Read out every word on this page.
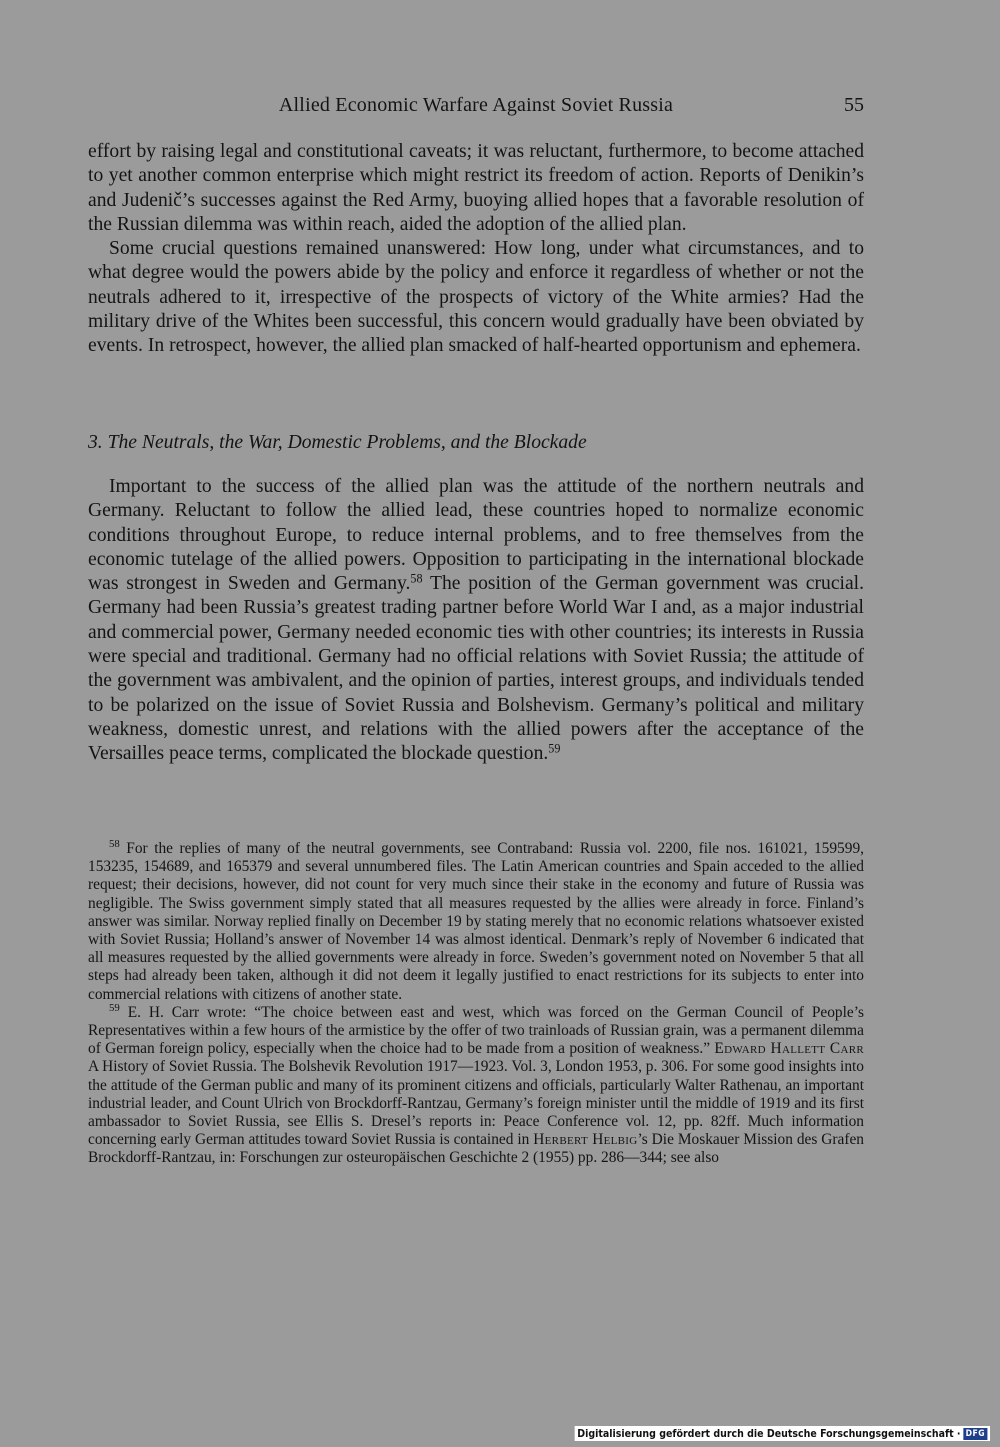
Allied Economic Warfare Against Soviet Russia	55

effort by raising legal and constitutional caveats; it was reluctant, furthermore, to become attached to yet another common enterprise which might restrict its freedom of action. Reports of Denikin’s and Judenič’s successes against the Red Army, buoying allied hopes that a favorable resolution of the Russian dilemma was within reach, aided the adoption of the allied plan.

Some crucial questions remained unanswered: How long, under what circumstances, and to what degree would the powers abide by the policy and enforce it regardless of whether or not the neutrals adhered to it, irrespective of the prospects of victory of the White armies? Had the military drive of the Whites been successful, this concern would gradually have been obviated by events. In retrospect, however, the allied plan smacked of half-hearted opportunism and ephemera.

3. The Neutrals, the War, Domestic Problems, and the Blockade

Important to the success of the allied plan was the attitude of the northern neutrals and Germany. Reluctant to follow the allied lead, these countries hoped to normalize economic conditions throughout Europe, to reduce internal problems, and to free themselves from the economic tutelage of the allied powers. Opposition to participating in the international blockade was strongest in Sweden and Germany.$^{58}$ The position of the German government was crucial. Germany had been Russia’s greatest trading partner before World War I and, as a major industrial and commercial power, Germany needed economic ties with other countries; its interests in Russia were special and traditional. Germany had no official relations with Soviet Russia; the attitude of the government was ambivalent, and the opinion of parties, interest groups, and individuals tended to be polarized on the issue of Soviet Russia and Bolshevism. Germany’s political and military weakness, domestic unrest, and relations with the allied powers after the acceptance of the Versailles peace terms, complicated the blockade question.$^{59}$

$^{58}$ For the replies of many of the neutral governments, see Contraband: Russia vol. 2200, file nos. 161021, 159599, 153235, 154689, and 165379 and several unnumbered files. The Latin American countries and Spain acceded to the allied request; their decisions, however, did not count for very much since their stake in the economy and future of Russia was negligible. The Swiss government simply stated that all measures requested by the allies were already in force. Finland’s answer was similar. Norway replied finally on December 19 by stating merely that no economic relations whatsoever existed with Soviet Russia; Holland’s answer of November 14 was almost identical. Denmark’s reply of November 6 indicated that all measures requested by the allied governments were already in force. Sweden’s government noted on November 5 that all steps had already been taken, although it did not deem it legally justified to enact restrictions for its subjects to enter into commercial relations with citizens of another state.

$^{59}$ E. H. Carr wrote: “The choice between east and west, which was forced on the German Council of People’s Representatives within a few hours of the armistice by the offer of two trainloads of Russian grain, was a permanent dilemma of German foreign policy, especially when the choice had to be made from a position of weakness.” Edward Hallett Carr A History of Soviet Russia. The Bolshevik Revolution 1917—1923. Vol. 3, London 1953, p. 306. For some good insights into the attitude of the German public and many of its prominent citizens and officials, particularly Walter Rathenau, an important industrial leader, and Count Ulrich von Brockdorff-Rantzau, Germany’s foreign minister until the middle of 1919 and its first ambassador to Soviet Russia, see Ellis S. Dresel’s reports in: Peace Conference vol. 12, pp. 82ff. Much information concerning early German attitudes toward Soviet Russia is contained in Herbert Helbig’s Die Moskauer Mission des Grafen Brockdorff-Rantzau, in: Forschungen zur osteuropäischen Geschichte 2 (1955) pp. 286—344; see also

Digitalisierung gefördert durch die Deutsche Forschungsgemeinschaft · DFG
